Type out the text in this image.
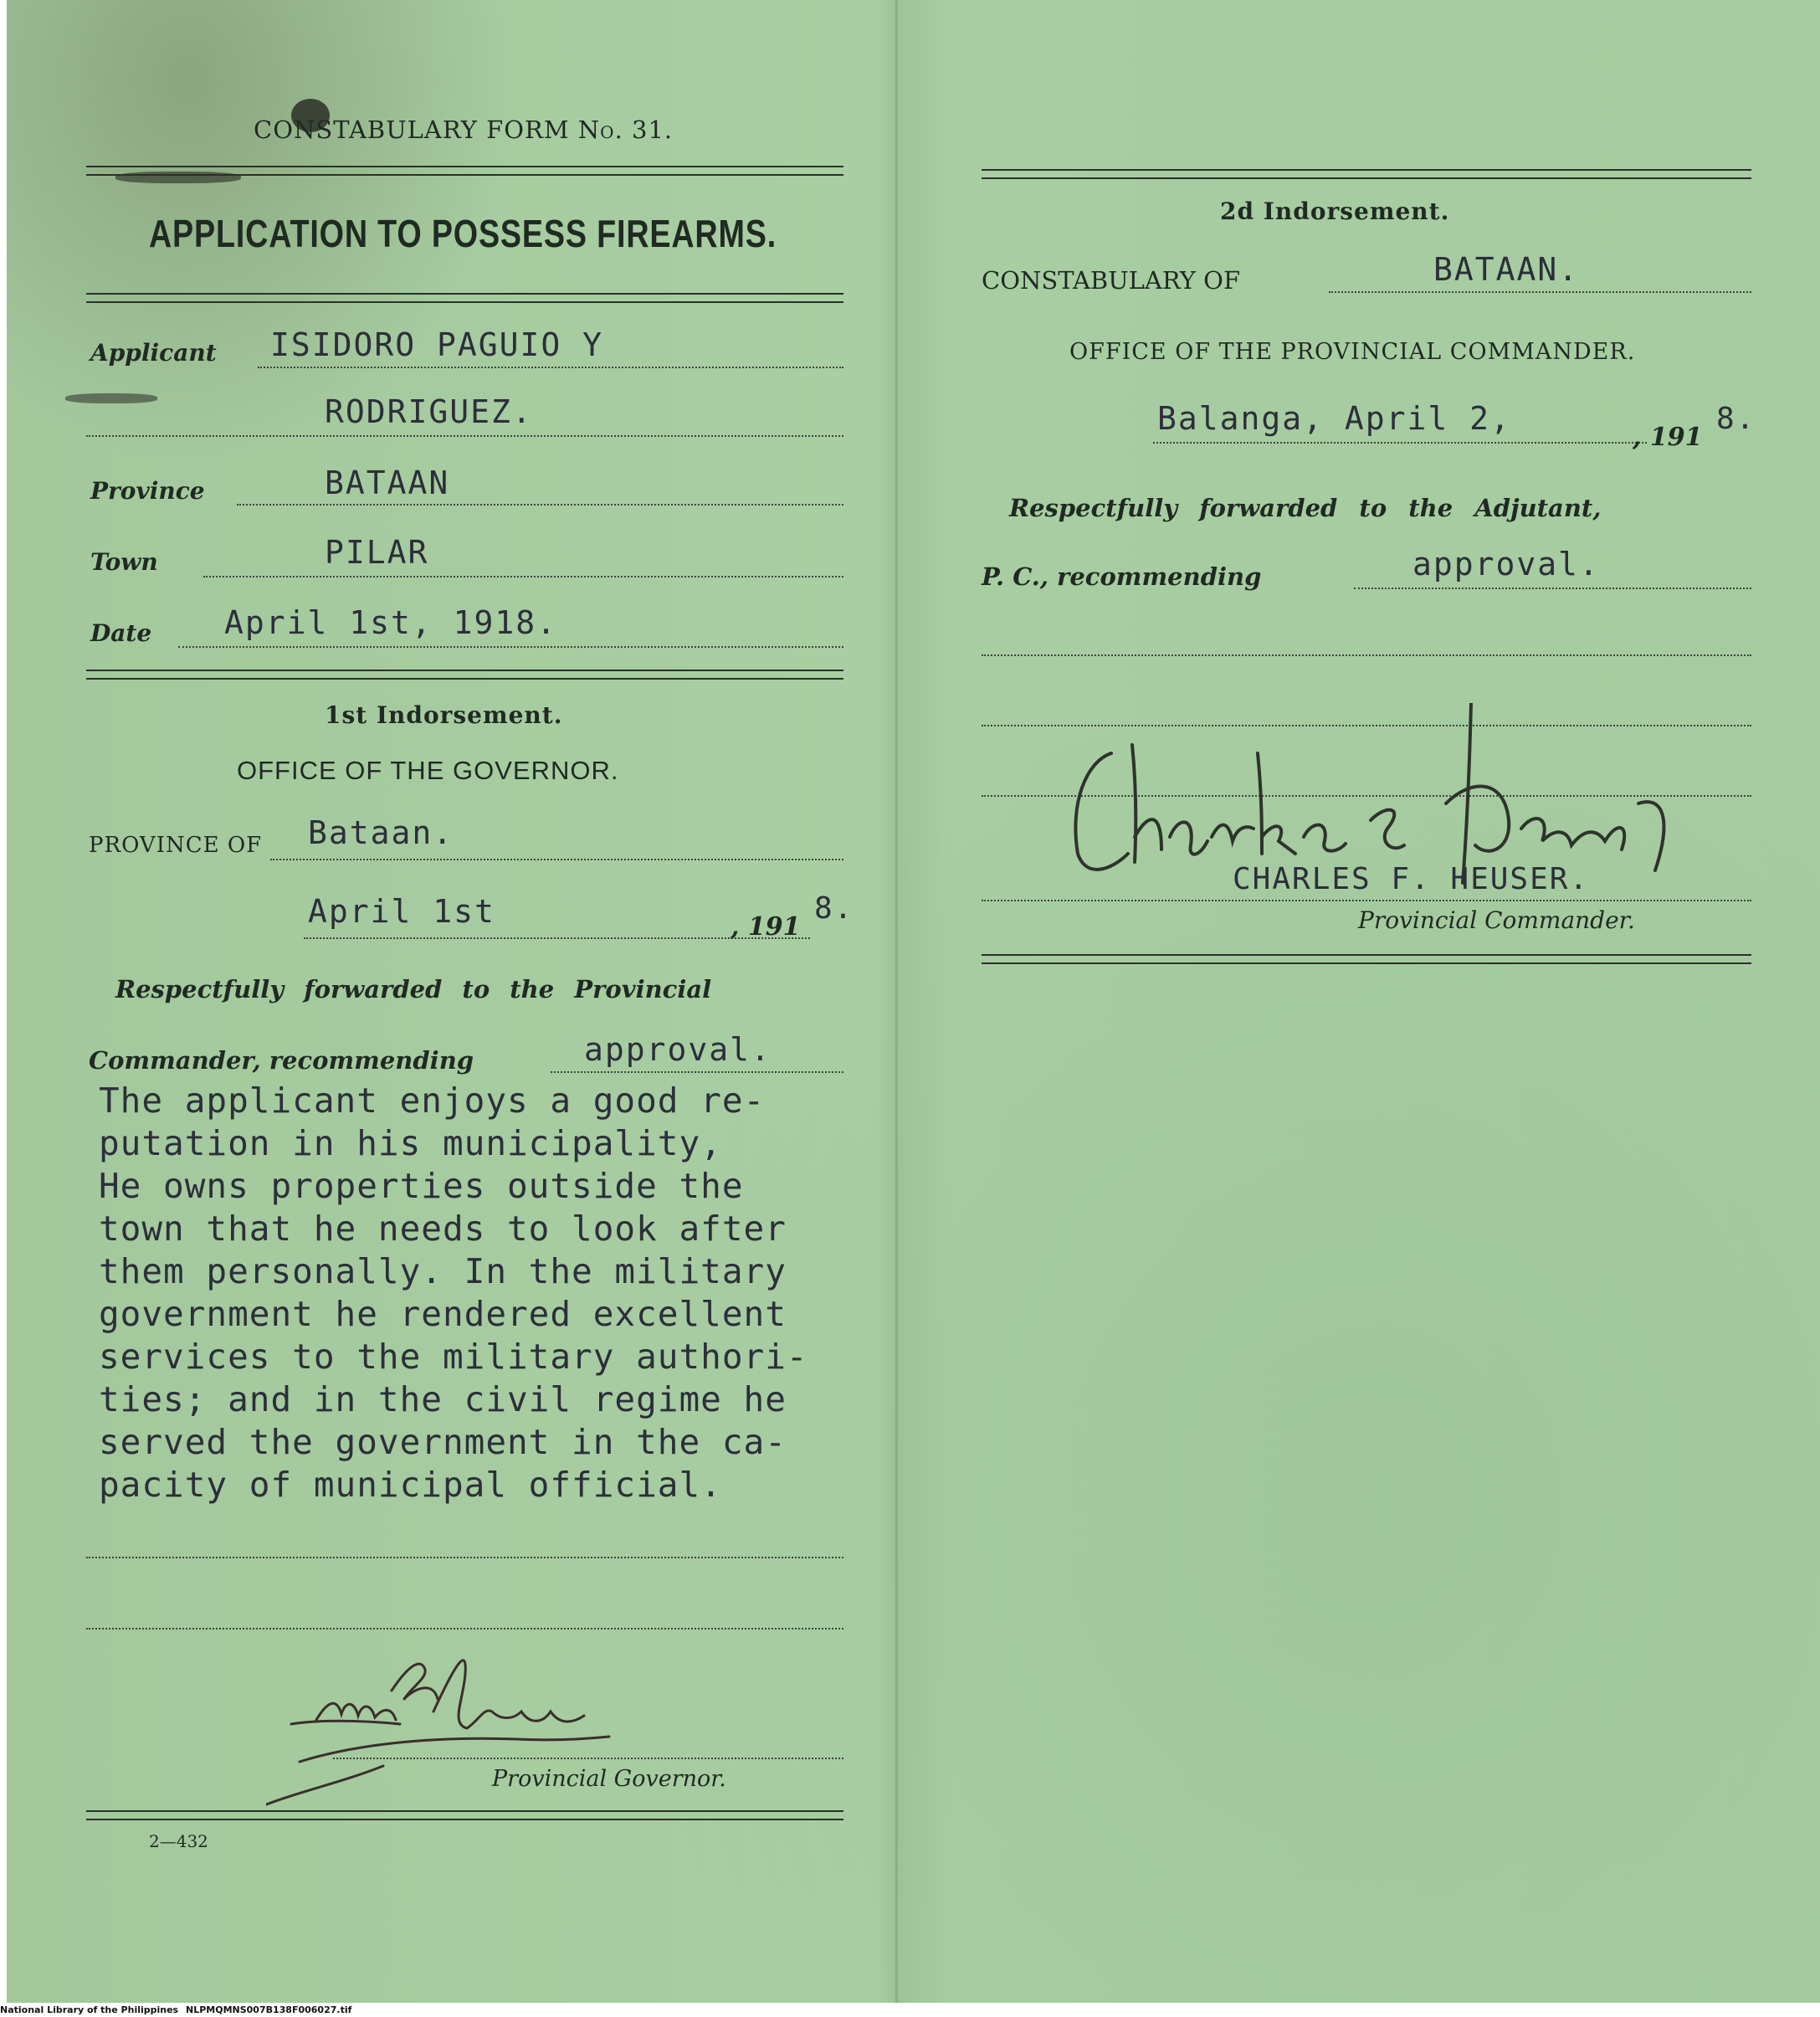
CONSTABULARY FORM No. 31.
APPLICATION TO POSSESS FIREARMS.
Applicant ISIDORO PAGUIO Y
RODRIGUEZ.
Province	BATAAN
Town	PILAR
Date April 1st, 1918.
1st Indorsement.
OFFICE OF THE GOVERNOR.
PROVINCE OF Bataan.
April 1st	, 191
8.
Respectfully forwarded to the Provincial
Commander, recommending	approval.
The applicant enjoys a good re-
putation in his municipality,
He owns properties outside the
town that he needs to look after
them personally. In the military
government he rendered excellent
services to the military authori-
ties; and in the civil regime he
served the government in the ca-
pacity of municipal official.
Provincial Governor.
2—432
2d Indorsement.
CONSTABULARY OF	BATAAN.
OFFICE OF THE PROVINCIAL COMMANDER.
Balanga, April 2,
, 191
8.
Respectfully forwarded to the Adjutant,
P. C., recommending	approval.
CHARLES F. HEUSER.
Provincial Commander.
National Library of the Philippines NLPMQMNS007B138F006027.tif
